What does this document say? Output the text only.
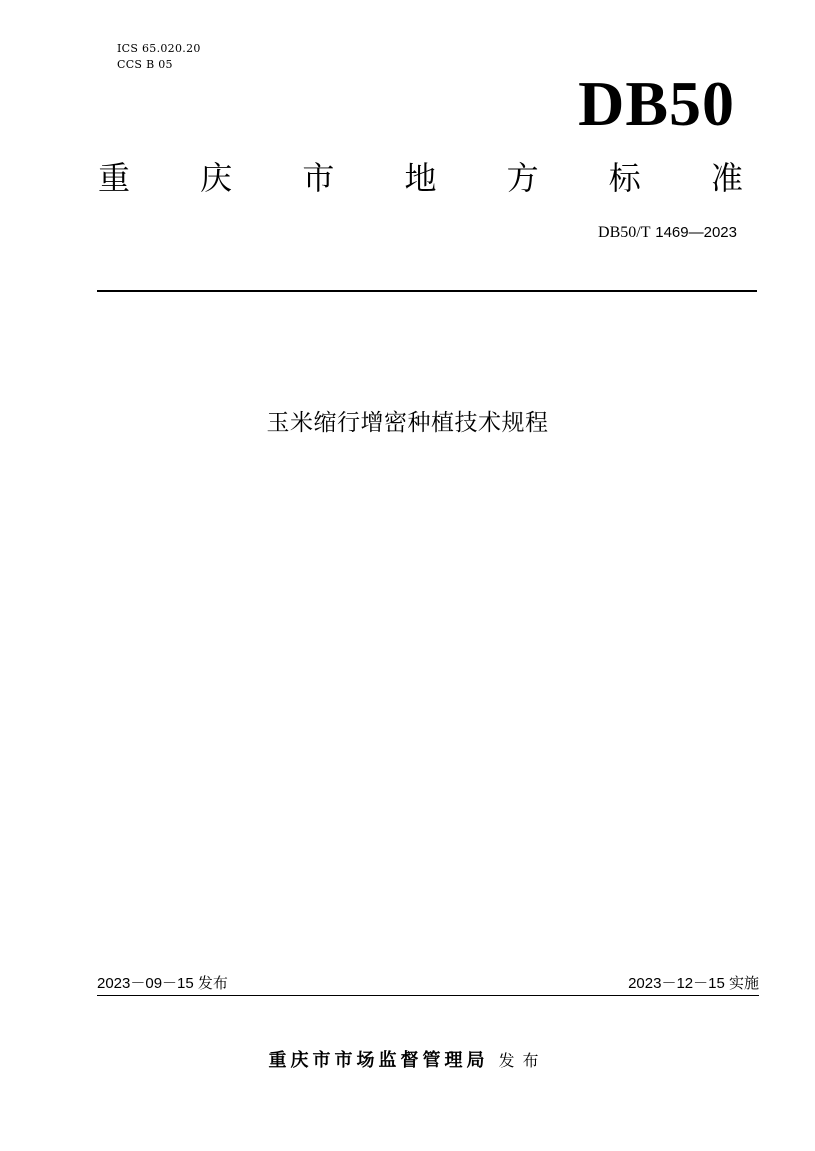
ICS 65.020.20
CCS B 05
DB50
重 庆 市 地 方 标 准
DB50/T 1469—2023
玉米缩行增密种植技术规程
2023－09－15 发布	2023－12－15 实施
重庆市市场监督管理局 发布
